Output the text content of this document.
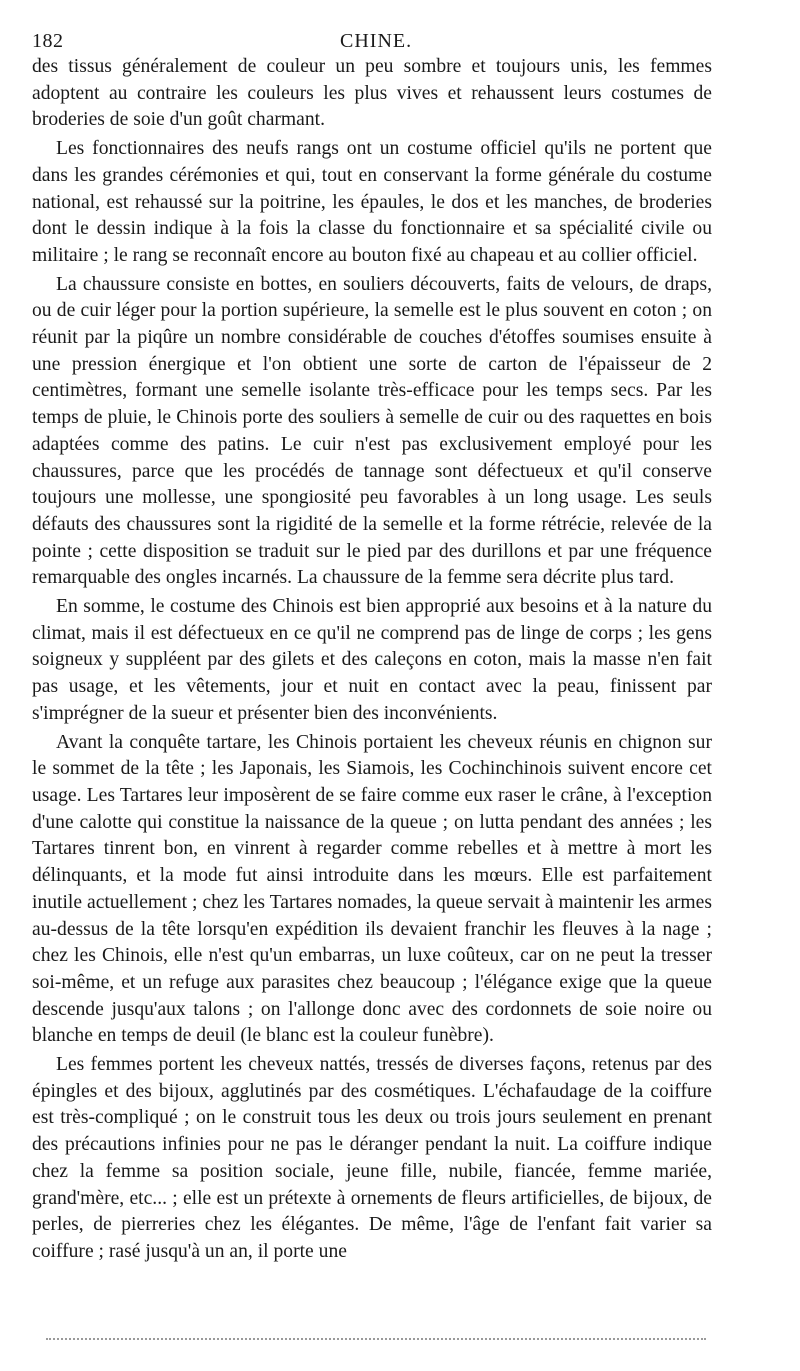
182	CHINE.

des tissus généralement de couleur un peu sombre et toujours unis, les femmes adoptent au contraire les couleurs les plus vives et rehaussent leurs costumes de broderies de soie d'un goût charmant.

Les fonctionnaires des neufs rangs ont un costume officiel qu'ils ne portent que dans les grandes cérémonies et qui, tout en conservant la forme générale du costume national, est rehaussé sur la poitrine, les épaules, le dos et les manches, de broderies dont le dessin indique à la fois la classe du fonctionnaire et sa spécialité civile ou militaire ; le rang se reconnaît encore au bouton fixé au chapeau et au collier officiel.

La chaussure consiste en bottes, en souliers découverts, faits de velours, de draps, ou de cuir léger pour la portion supérieure, la semelle est le plus souvent en coton ; on réunit par la piqûre un nombre considérable de couches d'étoffes soumises ensuite à une pression énergique et l'on obtient une sorte de carton de l'épaisseur de 2 centimètres, formant une semelle isolante très-efficace pour les temps secs. Par les temps de pluie, le Chinois porte des souliers à semelle de cuir ou des raquettes en bois adaptées comme des patins. Le cuir n'est pas exclusivement employé pour les chaussures, parce que les procédés de tannage sont défectueux et qu'il conserve toujours une mollesse, une spongiosité peu favorables à un long usage. Les seuls défauts des chaussures sont la rigidité de la semelle et la forme rétrécie, relevée de la pointe ; cette disposition se traduit sur le pied par des durillons et par une fréquence remarquable des ongles incarnés. La chaussure de la femme sera décrite plus tard.

En somme, le costume des Chinois est bien approprié aux besoins et à la nature du climat, mais il est défectueux en ce qu'il ne comprend pas de linge de corps ; les gens soigneux y suppléent par des gilets et des caleçons en coton, mais la masse n'en fait pas usage, et les vêtements, jour et nuit en contact avec la peau, finissent par s'imprégner de la sueur et présenter bien des inconvénients.

Avant la conquête tartare, les Chinois portaient les cheveux réunis en chignon sur le sommet de la tête ; les Japonais, les Siamois, les Cochinchinois suivent encore cet usage. Les Tartares leur imposèrent de se faire comme eux raser le crâne, à l'exception d'une calotte qui constitue la naissance de la queue ; on lutta pendant des années ; les Tartares tinrent bon, en vinrent à regarder comme rebelles et à mettre à mort les délinquants, et la mode fut ainsi introduite dans les mœurs. Elle est parfaitement inutile actuellement ; chez les Tartares nomades, la queue servait à maintenir les armes au-dessus de la tête lorsqu'en expédition ils devaient franchir les fleuves à la nage ; chez les Chinois, elle n'est qu'un embarras, un luxe coûteux, car on ne peut la tresser soi-même, et un refuge aux parasites chez beaucoup ; l'élégance exige que la queue descende jusqu'aux talons ; on l'allonge donc avec des cordonnets de soie noire ou blanche en temps de deuil (le blanc est la couleur funèbre).

Les femmes portent les cheveux nattés, tressés de diverses façons, retenus par des épingles et des bijoux, agglutinés par des cosmétiques. L'échafaudage de la coiffure est très-compliqué ; on le construit tous les deux ou trois jours seulement en prenant des précautions infinies pour ne pas le déranger pendant la nuit. La coiffure indique chez la femme sa position sociale, jeune fille, nubile, fiancée, femme mariée, grand'mère, etc... ; elle est un prétexte à ornements de fleurs artificielles, de bijoux, de perles, de pierreries chez les élégantes. De même, l'âge de l'enfant fait varier sa coiffure ; rasé jusqu'à un an, il porte une
